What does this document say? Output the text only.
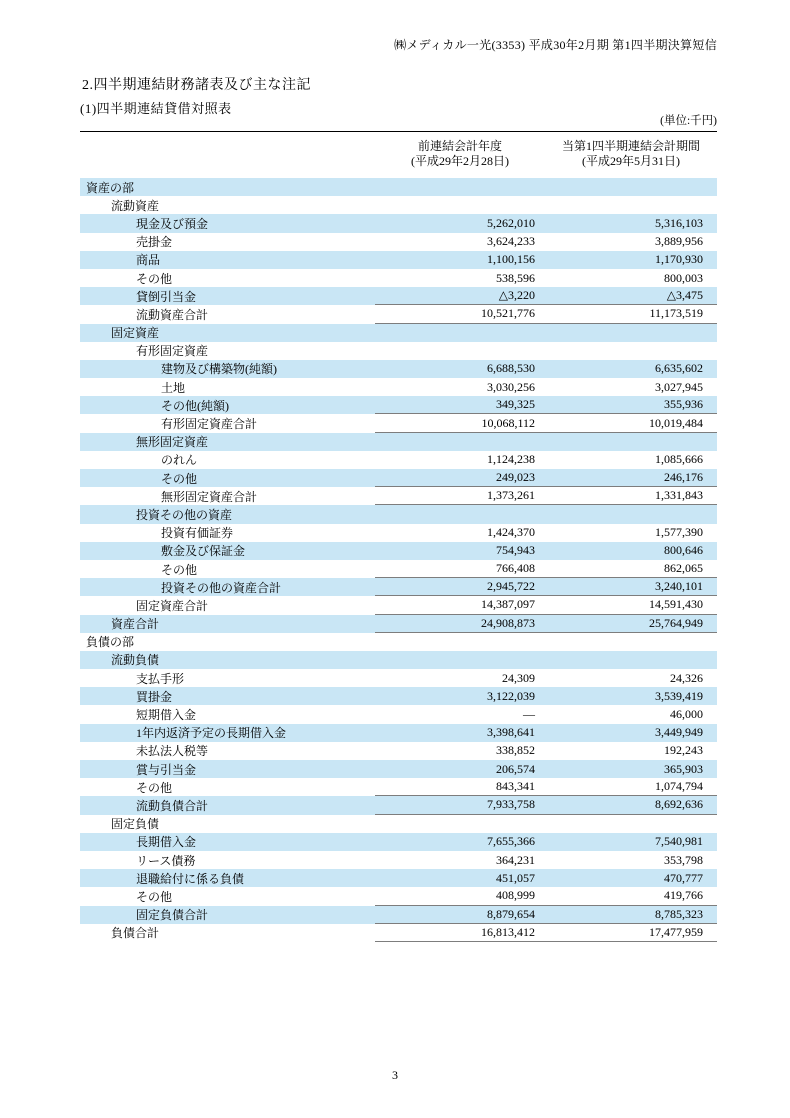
㈱メディカル一光(3353) 平成30年2月期 第1四半期決算短信
2.四半期連結財務諸表及び主な注記
(1)四半期連結貸借対照表
(単位:千円)
前連結会計年度
(平成29年2月28日)
当第1四半期連結会計期間
(平成29年5月31日)
資産の部
流動資産
現金及び預金	5,262,010	5,316,103
売掛金	3,624,233	3,889,956
商品	1,100,156	1,170,930
その他	538,596	800,003
貸倒引当金	△3,220	△3,475
流動資産合計	10,521,776	11,173,519
固定資産
有形固定資産
建物及び構築物(純額)	6,688,530	6,635,602
土地	3,030,256	3,027,945
その他(純額)	349,325	355,936
有形固定資産合計	10,068,112	10,019,484
無形固定資産
のれん	1,124,238	1,085,666
その他	249,023	246,176
無形固定資産合計	1,373,261	1,331,843
投資その他の資産
投資有価証券	1,424,370	1,577,390
敷金及び保証金	754,943	800,646
その他	766,408	862,065
投資その他の資産合計	2,945,722	3,240,101
固定資産合計	14,387,097	14,591,430
資産合計	24,908,873	25,764,949
負債の部
流動負債
支払手形	24,309	24,326
買掛金	3,122,039	3,539,419
短期借入金	―	46,000
1年内返済予定の長期借入金	3,398,641	3,449,949
未払法人税等	338,852	192,243
賞与引当金	206,574	365,903
その他	843,341	1,074,794
流動負債合計	7,933,758	8,692,636
固定負債
長期借入金	7,655,366	7,540,981
リース債務	364,231	353,798
退職給付に係る負債	451,057	470,777
その他	408,999	419,766
固定負債合計	8,879,654	8,785,323
負債合計	16,813,412	17,477,959
3
